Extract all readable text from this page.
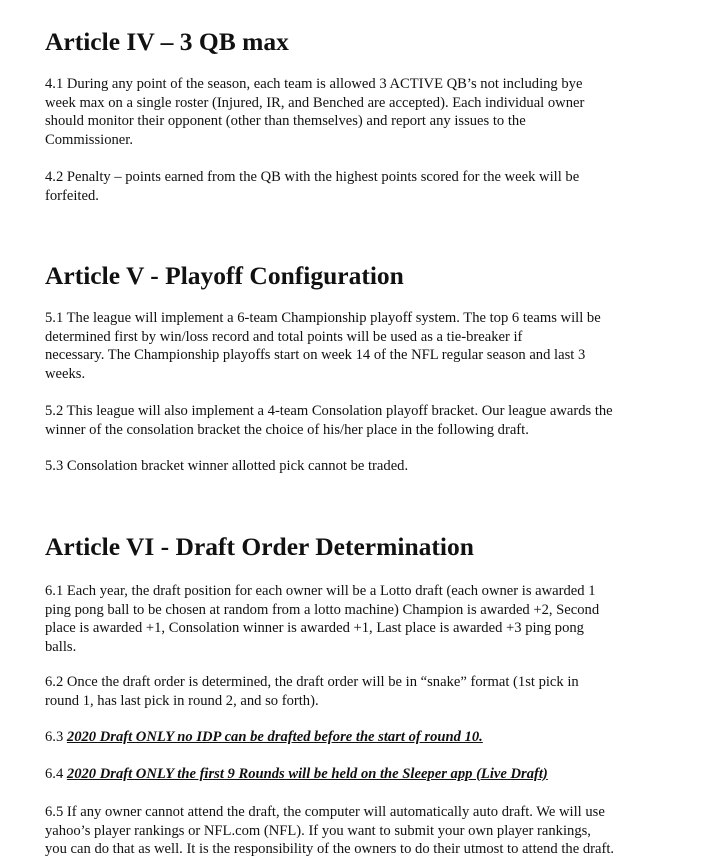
Article IV – 3 QB max
4.1 During any point of the season, each team is allowed 3 ACTIVE QB’s not including bye
week max on a single roster (Injured, IR, and Benched are accepted). Each individual owner
should monitor their opponent (other than themselves) and report any issues to the
Commissioner.
4.2 Penalty – points earned from the QB with the highest points scored for the week will be
forfeited.
Article V - Playoff Configuration
5.1 The league will implement a 6-team Championship playoff system. The top 6 teams will be
determined first by win/loss record and total points will be used as a tie-breaker if
necessary. The Championship playoffs start on week 14 of the NFL regular season and last 3
weeks.
5.2 This league will also implement a 4-team Consolation playoff bracket. Our league awards the
winner of the consolation bracket the choice of his/her place in the following draft.
5.3 Consolation bracket winner allotted pick cannot be traded.
Article VI - Draft Order Determination
6.1 Each year, the draft position for each owner will be a Lotto draft (each owner is awarded 1
ping pong ball to be chosen at random from a lotto machine) Champion is awarded +2, Second
place is awarded +1, Consolation winner is awarded +1, Last place is awarded +3 ping pong
balls.
6.2 Once the draft order is determined, the draft order will be in “snake” format (1st pick in
round 1, has last pick in round 2, and so forth).
6.3 2020 Draft ONLY no IDP can be drafted before the start of round 10.
6.4 2020 Draft ONLY the first 9 Rounds will be held on the Sleeper app (Live Draft)
6.5 If any owner cannot attend the draft, the computer will automatically auto draft. We will use
yahoo’s player rankings or NFL.com (NFL). If you want to submit your own player rankings,
you can do that as well. It is the responsibility of the owners to do their utmost to attend the draft.
